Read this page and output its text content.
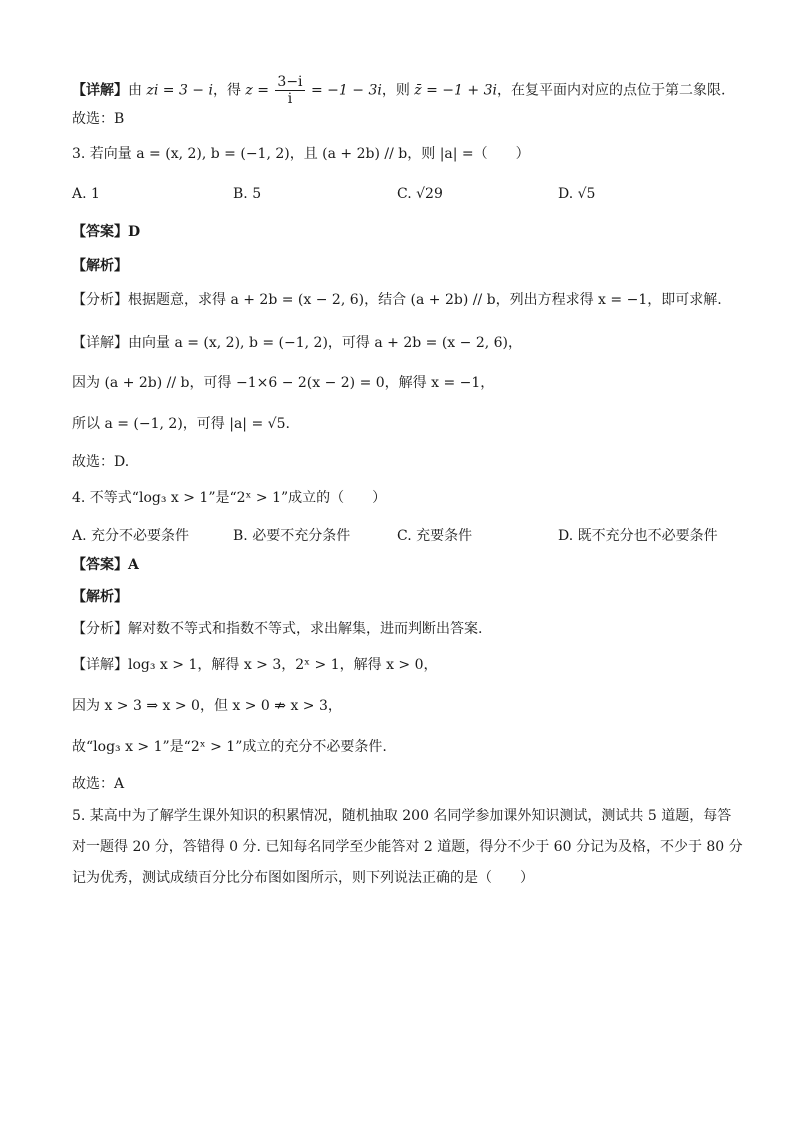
【详解】由 zi = 3 − i，得 $z = \frac{3-i}{i} = -1 - 3i$，则 z̄ = −1 + 3i，在复平面内对应的点位于第二象限.
故选：B
3. 若向量 a = (x, 2), b = (−1, 2)，且 (a + 2b) // b，则 |a| =（　　）
A. 1	B. 5	C. √29	D. √5
【答案】D
【解析】
【分析】根据题意，求得 a + 2b = (x − 2, 6)，结合 (a + 2b) // b，列出方程求得 x = −1，即可求解.
【详解】由向量 a = (x, 2), b = (−1, 2)，可得 a + 2b = (x − 2, 6)，
因为 (a + 2b) // b，可得 −1×6 − 2(x − 2) = 0，解得 x = −1，
所以 a = (−1, 2)，可得 |a| = √5.
故选：D.
4. 不等式“log₃ x > 1”是“2ˣ > 1”成立的（　　）
A. 充分不必要条件	B. 必要不充分条件	C. 充要条件	D. 既不充分也不必要条件
【答案】A
【解析】
【分析】解对数不等式和指数不等式，求出解集，进而判断出答案.
【详解】log₃ x > 1，解得 x > 3，2ˣ > 1，解得 x > 0，
因为 x > 3 ⇒ x > 0，但 x > 0 ⇏ x > 3，
故“log₃ x > 1”是“2ˣ > 1”成立的充分不必要条件.
故选：A
5. 某高中为了解学生课外知识的积累情况，随机抽取 200 名同学参加课外知识测试，测试共 5 道题，每答
对一题得 20 分，答错得 0 分. 已知每名同学至少能答对 2 道题，得分不少于 60 分记为及格，不少于 80 分
记为优秀，测试成绩百分比分布图如图所示，则下列说法正确的是（　　）
